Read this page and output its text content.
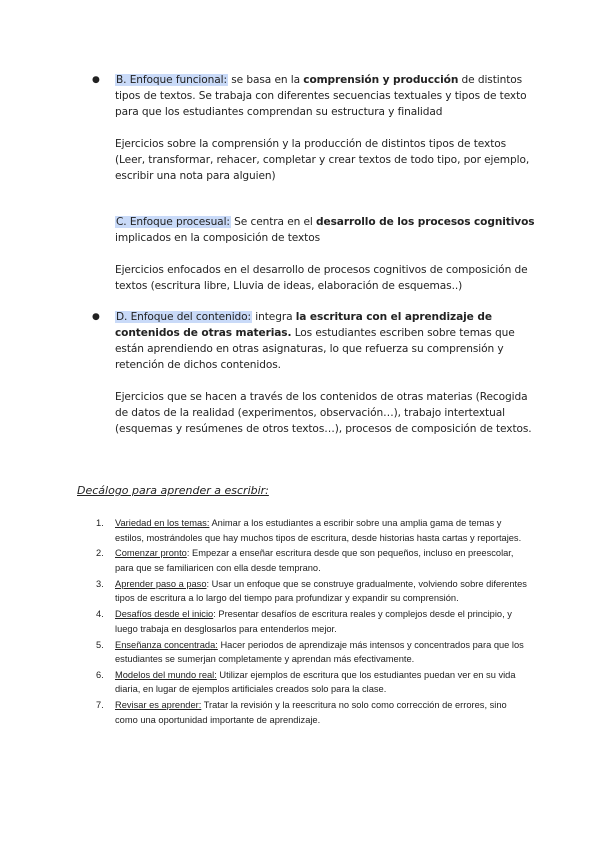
● B. Enfoque funcional: se basa en la comprensión y producción de distintos tipos de textos. Se trabaja con diferentes secuencias textuales y tipos de texto para que los estudiantes comprendan su estructura y finalidad

Ejercicios sobre la comprensión y la producción de distintos tipos de textos (Leer, transformar, rehacer, completar y crear textos de todo tipo, por ejemplo, escribir una nota para alguien)

C. Enfoque procesual: Se centra en el desarrollo de los procesos cognitivos implicados en la composición de textos

Ejercicios enfocados en el desarrollo de procesos cognitivos de composición de textos (escritura libre, Lluvia de ideas, elaboración de esquemas..)

● D. Enfoque del contenido: integra la escritura con el aprendizaje de contenidos de otras materias. Los estudiantes escriben sobre temas que están aprendiendo en otras asignaturas, lo que refuerza su comprensión y retención de dichos contenidos.

Ejercicios que se hacen a través de los contenidos de otras materias (Recogida de datos de la realidad (experimentos, observación…), trabajo intertextual (esquemas y resúmenes de otros textos…), procesos de composición de textos.

Decálogo para aprender a escribir:
1. Variedad en los temas: Animar a los estudiantes a escribir sobre una amplia gama de temas y estilos, mostrándoles que hay muchos tipos de escritura, desde historias hasta cartas y reportajes.
2. Comenzar pronto: Empezar a enseñar escritura desde que son pequeños, incluso en preescolar, para que se familiaricen con ella desde temprano.
3. Aprender paso a paso: Usar un enfoque que se construye gradualmente, volviendo sobre diferentes tipos de escritura a lo largo del tiempo para profundizar y expandir su comprensión.
4. Desafíos desde el inicio: Presentar desafíos de escritura reales y complejos desde el principio, y luego trabaja en desglosarlos para entenderlos mejor.
5. Enseñanza concentrada: Hacer periodos de aprendizaje más intensos y concentrados para que los estudiantes se sumerjan completamente y aprendan más efectivamente.
6. Modelos del mundo real: Utilizar ejemplos de escritura que los estudiantes puedan ver en su vida diaria, en lugar de ejemplos artificiales creados solo para la clase.
7. Revisar es aprender: Tratar la revisión y la reescritura no solo como corrección de errores, sino como una oportunidad importante de aprendizaje.
